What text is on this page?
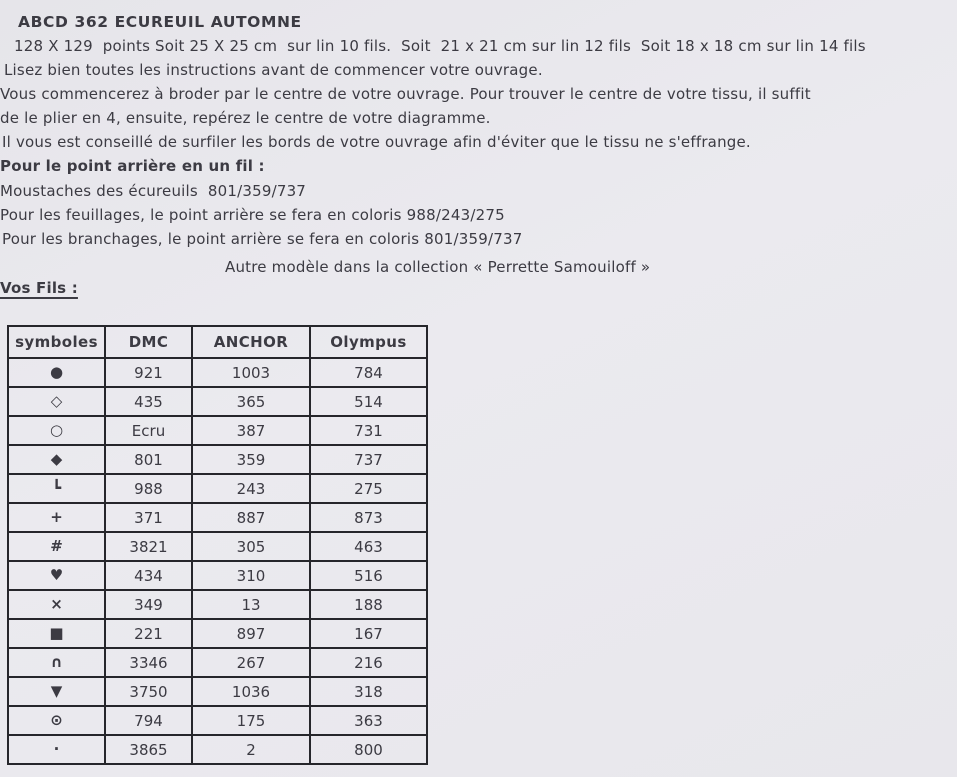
ABCD 362 ECUREUIL AUTOMNE
128 X 129  points Soit 25 X 25 cm  sur lin 10 fils.  Soit  21 x 21 cm sur lin 12 fils  Soit 18 x 18 cm sur lin 14 fils
Lisez bien toutes les instructions avant de commencer votre ouvrage.
Vous commencerez à broder par le centre de votre ouvrage. Pour trouver le centre de votre tissu, il suffit
de le plier en 4, ensuite, repérez le centre de votre diagramme.
Il vous est conseillé de surfiler les bords de votre ouvrage afin d'éviter que le tissu ne s'effrange.
Pour le point arrière en un fil :
Moustaches des écureuils  801/359/737
Pour les feuillages, le point arrière se fera en coloris 988/243/275
Pour les branchages, le point arrière se fera en coloris 801/359/737
Autre modèle dans la collection « Perrette Samouiloff »
Vos Fils :
symboles	DMC	ANCHOR	Olympus
●	921	1003	784
◇	435	365	514
○	Ecru	387	731
◆	801	359	737
┗	988	243	275
+	371	887	873
#	3821	305	463
♥	434	310	516
×	349	13	188
■	221	897	167
∩	3346	267	216
▼	3750	1036	318
⊙	794	175	363
·	3865	2	800
